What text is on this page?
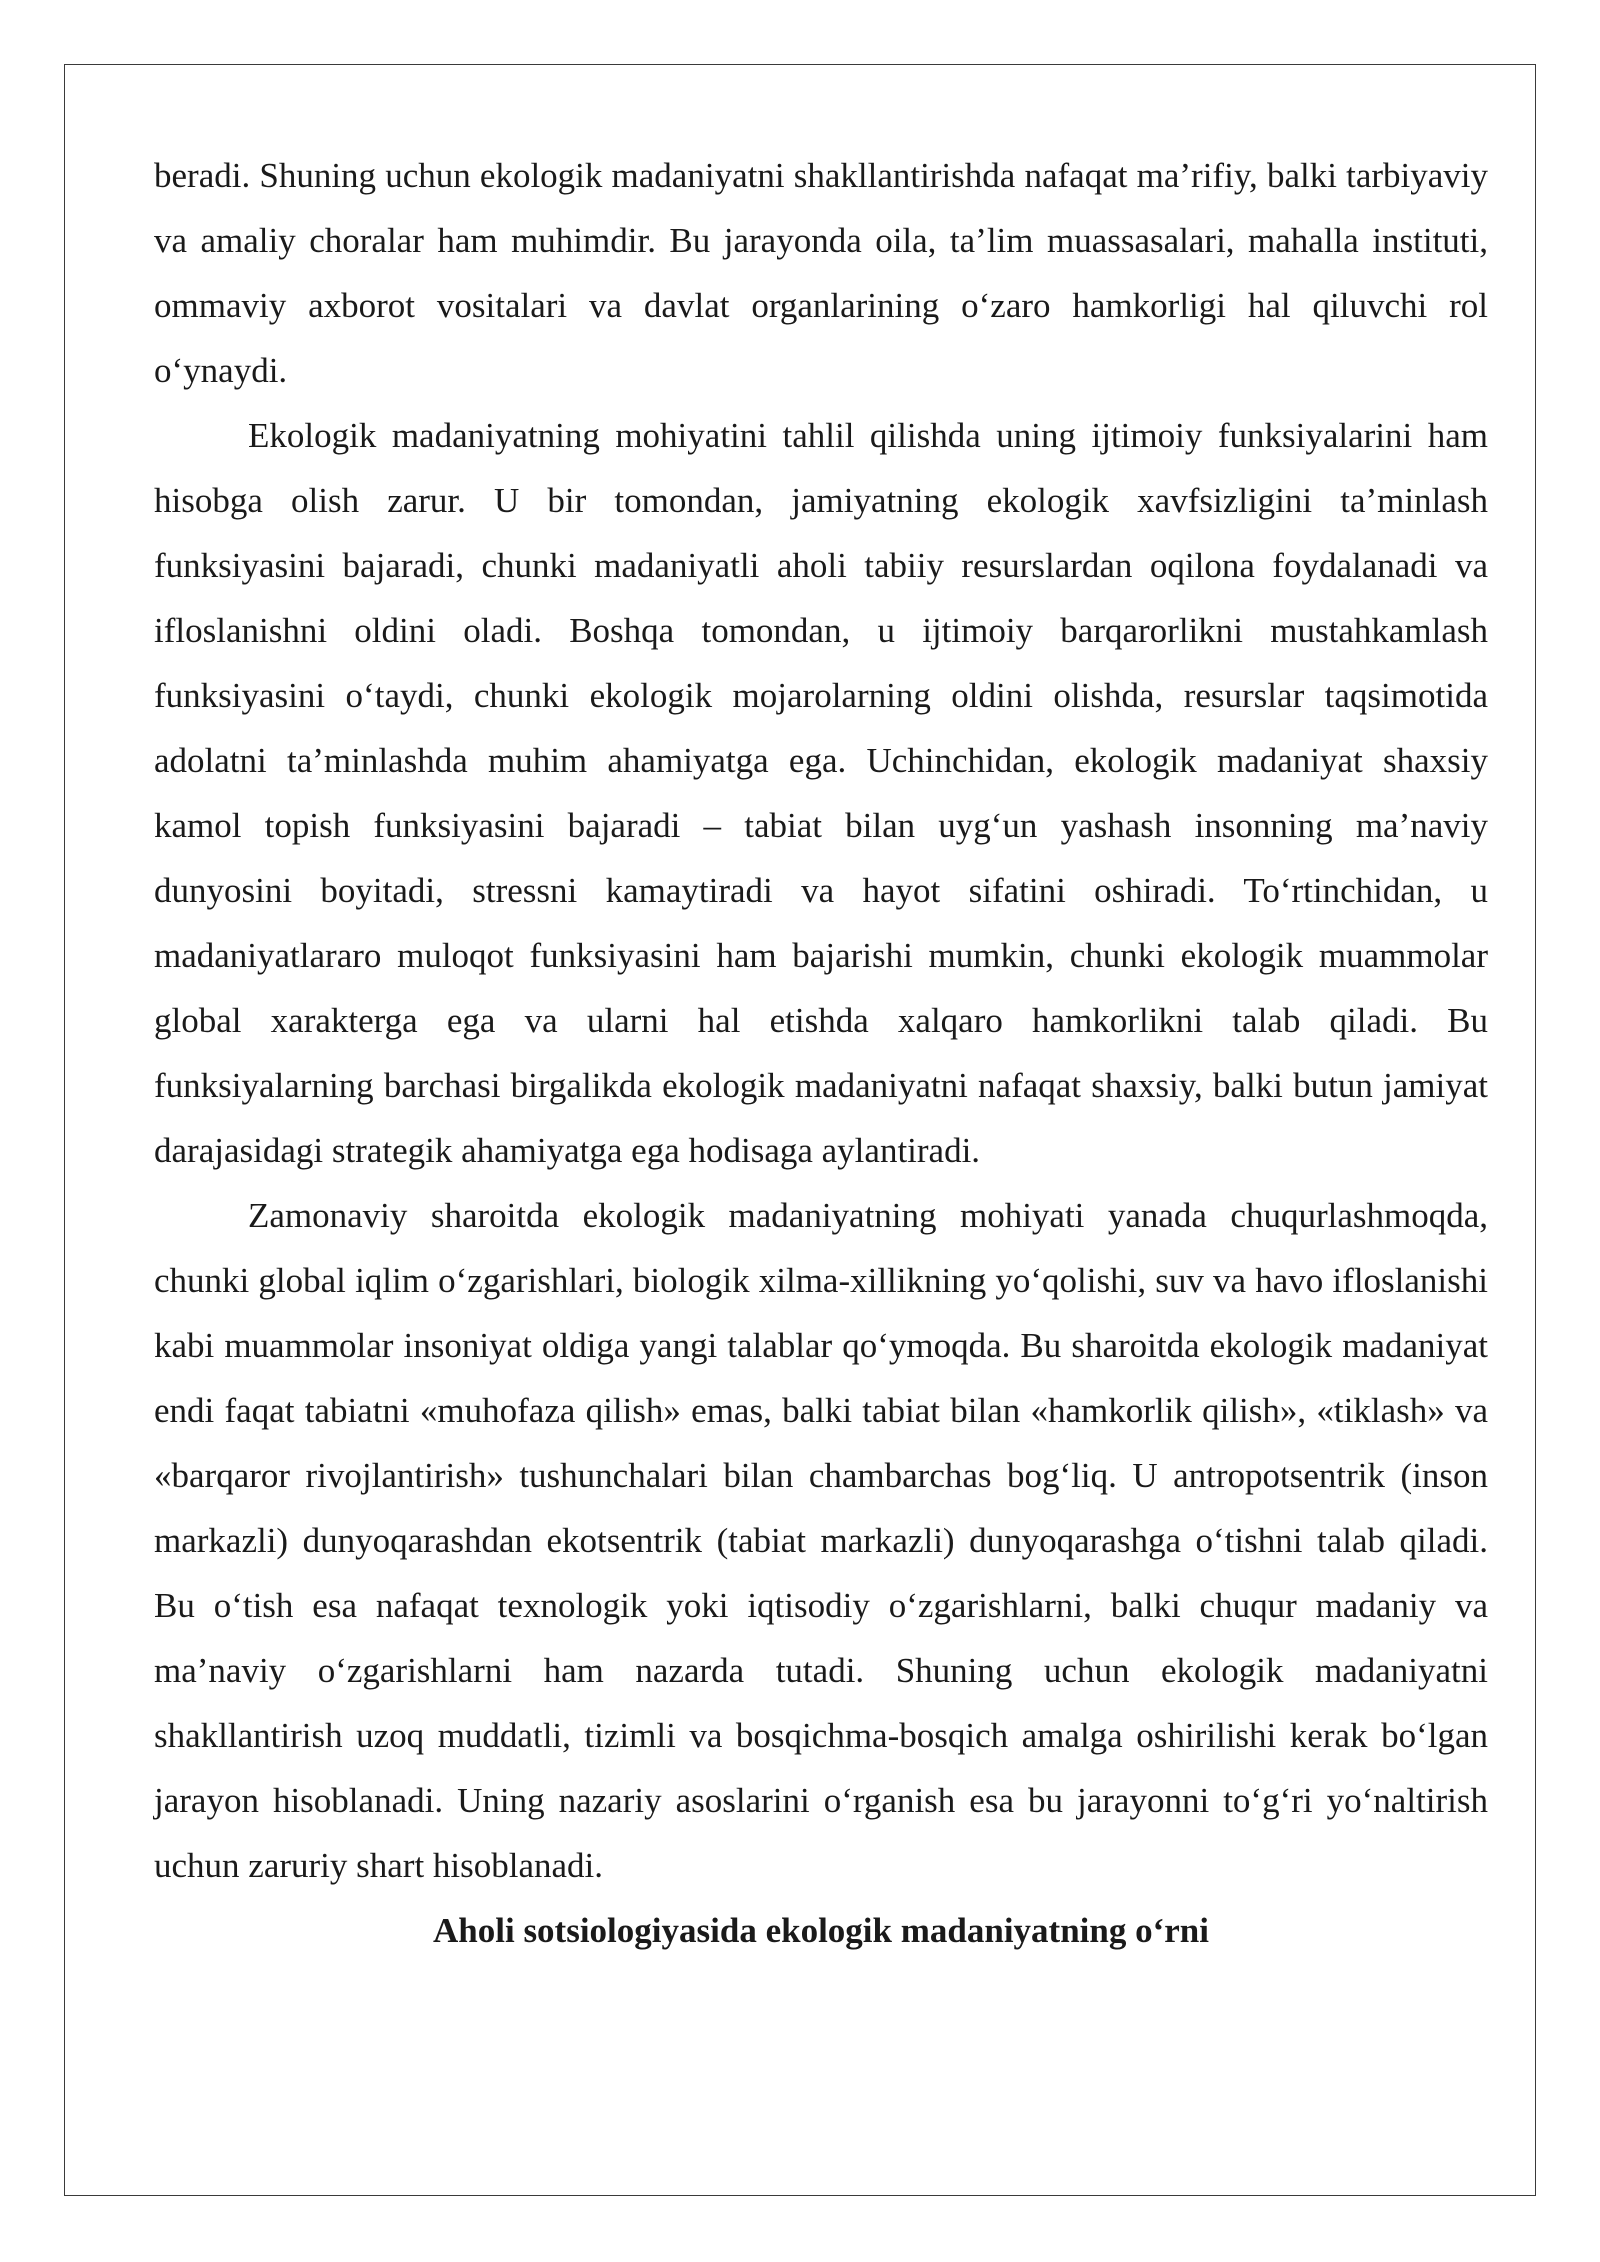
beradi. Shuning uchun ekologik madaniyatni shakllantirishda nafaqat ma’rifiy, balki tarbiyaviy va amaliy choralar ham muhimdir. Bu jarayonda oila, ta’lim muassasalari, mahalla instituti, ommaviy axborot vositalari va davlat organlarining o‘zaro hamkorligi hal qiluvchi rol o‘ynaydi.

Ekologik madaniyatning mohiyatini tahlil qilishda uning ijtimoiy funksiyalarini ham hisobga olish zarur. U bir tomondan, jamiyatning ekologik xavfsizligini ta’minlash funksiyasini bajaradi, chunki madaniyatli aholi tabiiy resurslardan oqilona foydalanadi va ifloslanishni oldini oladi. Boshqa tomondan, u ijtimoiy barqarorlikni mustahkamlash funksiyasini o‘taydi, chunki ekologik mojarolarning oldini olishda, resurslar taqsimotida adolatni ta’minlashda muhim ahamiyatga ega. Uchinchidan, ekologik madaniyat shaxsiy kamol topish funksiyasini bajaradi – tabiat bilan uyg‘un yashash insonning ma’naviy dunyosini boyitadi, stressni kamaytiradi va hayot sifatini oshiradi. To‘rtinchidan, u madaniyatlararo muloqot funksiyasini ham bajarishi mumkin, chunki ekologik muammolar global xarakterga ega va ularni hal etishda xalqaro hamkorlikni talab qiladi. Bu funksiyalarning barchasi birgalikda ekologik madaniyatni nafaqat shaxsiy, balki butun jamiyat darajasidagi strategik ahamiyatga ega hodisaga aylantiradi.

Zamonaviy sharoitda ekologik madaniyatning mohiyati yanada chuqurlashmoqda, chunki global iqlim o‘zgarishlari, biologik xilma-xillikning yo‘qolishi, suv va havo ifloslanishi kabi muammolar insoniyat oldiga yangi talablar qo‘ymoqda. Bu sharoitda ekologik madaniyat endi faqat tabiatni «muhofaza qilish» emas, balki tabiat bilan «hamkorlik qilish», «tiklash» va «barqaror rivojlantirish» tushunchalari bilan chambarchas bog‘liq. U antropotsentrik (inson markazli) dunyoqarashdan ekotsentrik (tabiat markazli) dunyoqarashga o‘tishni talab qiladi. Bu o‘tish esa nafaqat texnologik yoki iqtisodiy o‘zgarishlarni, balki chuqur madaniy va ma’naviy o‘zgarishlarni ham nazarda tutadi. Shuning uchun ekologik madaniyatni shakllantirish uzoq muddatli, tizimli va bosqichma-bosqich amalga oshirilishi kerak bo‘lgan jarayon hisoblanadi. Uning nazariy asoslarini o‘rganish esa bu jarayonni to‘g‘ri yo‘naltirish uchun zaruriy shart hisoblanadi.

Aholi sotsiologiyasida ekologik madaniyatning o‘rni
